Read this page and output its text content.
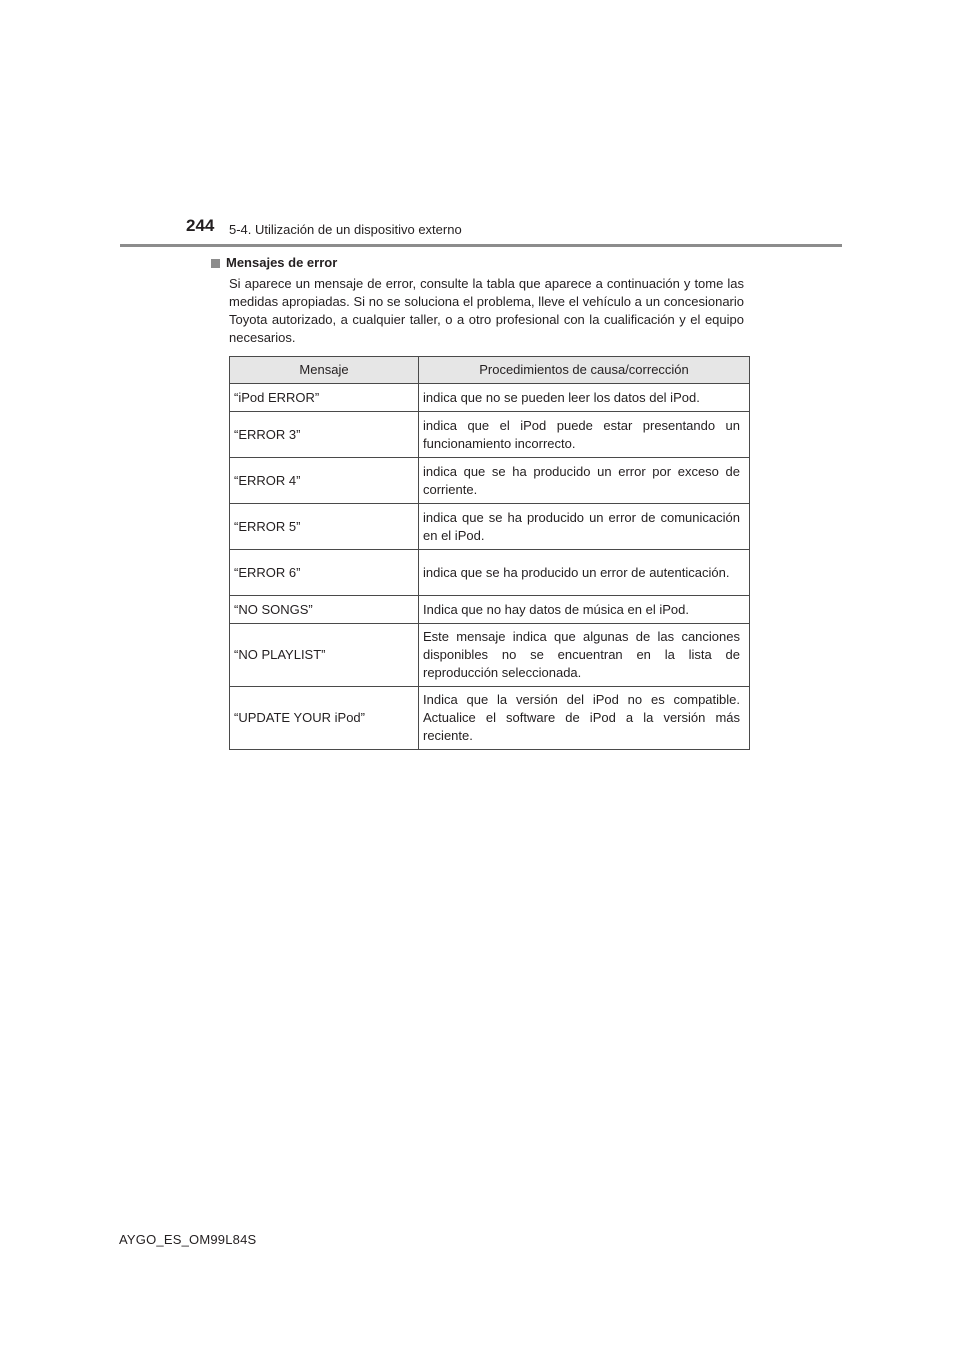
244 5-4. Utilización de un dispositivo externo
Mensajes de error

Si aparece un mensaje de error, consulte la tabla que aparece a continuación y tome las medidas apropiadas. Si no se soluciona el problema, lleve el vehículo a un concesionario Toyota autorizado, a cualquier taller, o a otro profesional con la cualificación y el equipo necesarios.

Mensaje	Procedimientos de causa/corrección
“iPod ERROR”	indica que no se pueden leer los datos del iPod.
“ERROR 3”	indica que el iPod puede estar presentando un funcionamiento incorrecto.
“ERROR 4”	indica que se ha producido un error por exceso de corriente.
“ERROR 5”	indica que se ha producido un error de comunicación en el iPod.
“ERROR 6”	indica que se ha producido un error de autenticación.
“NO SONGS”	Indica que no hay datos de música en el iPod.
“NO PLAYLIST”	Este mensaje indica que algunas de las canciones disponibles no se encuentran en la lista de reproducción seleccionada.
“UPDATE YOUR iPod”	Indica que la versión del iPod no es compatible. Actualice el software de iPod a la versión más reciente.
AYGO_ES_OM99L84S
